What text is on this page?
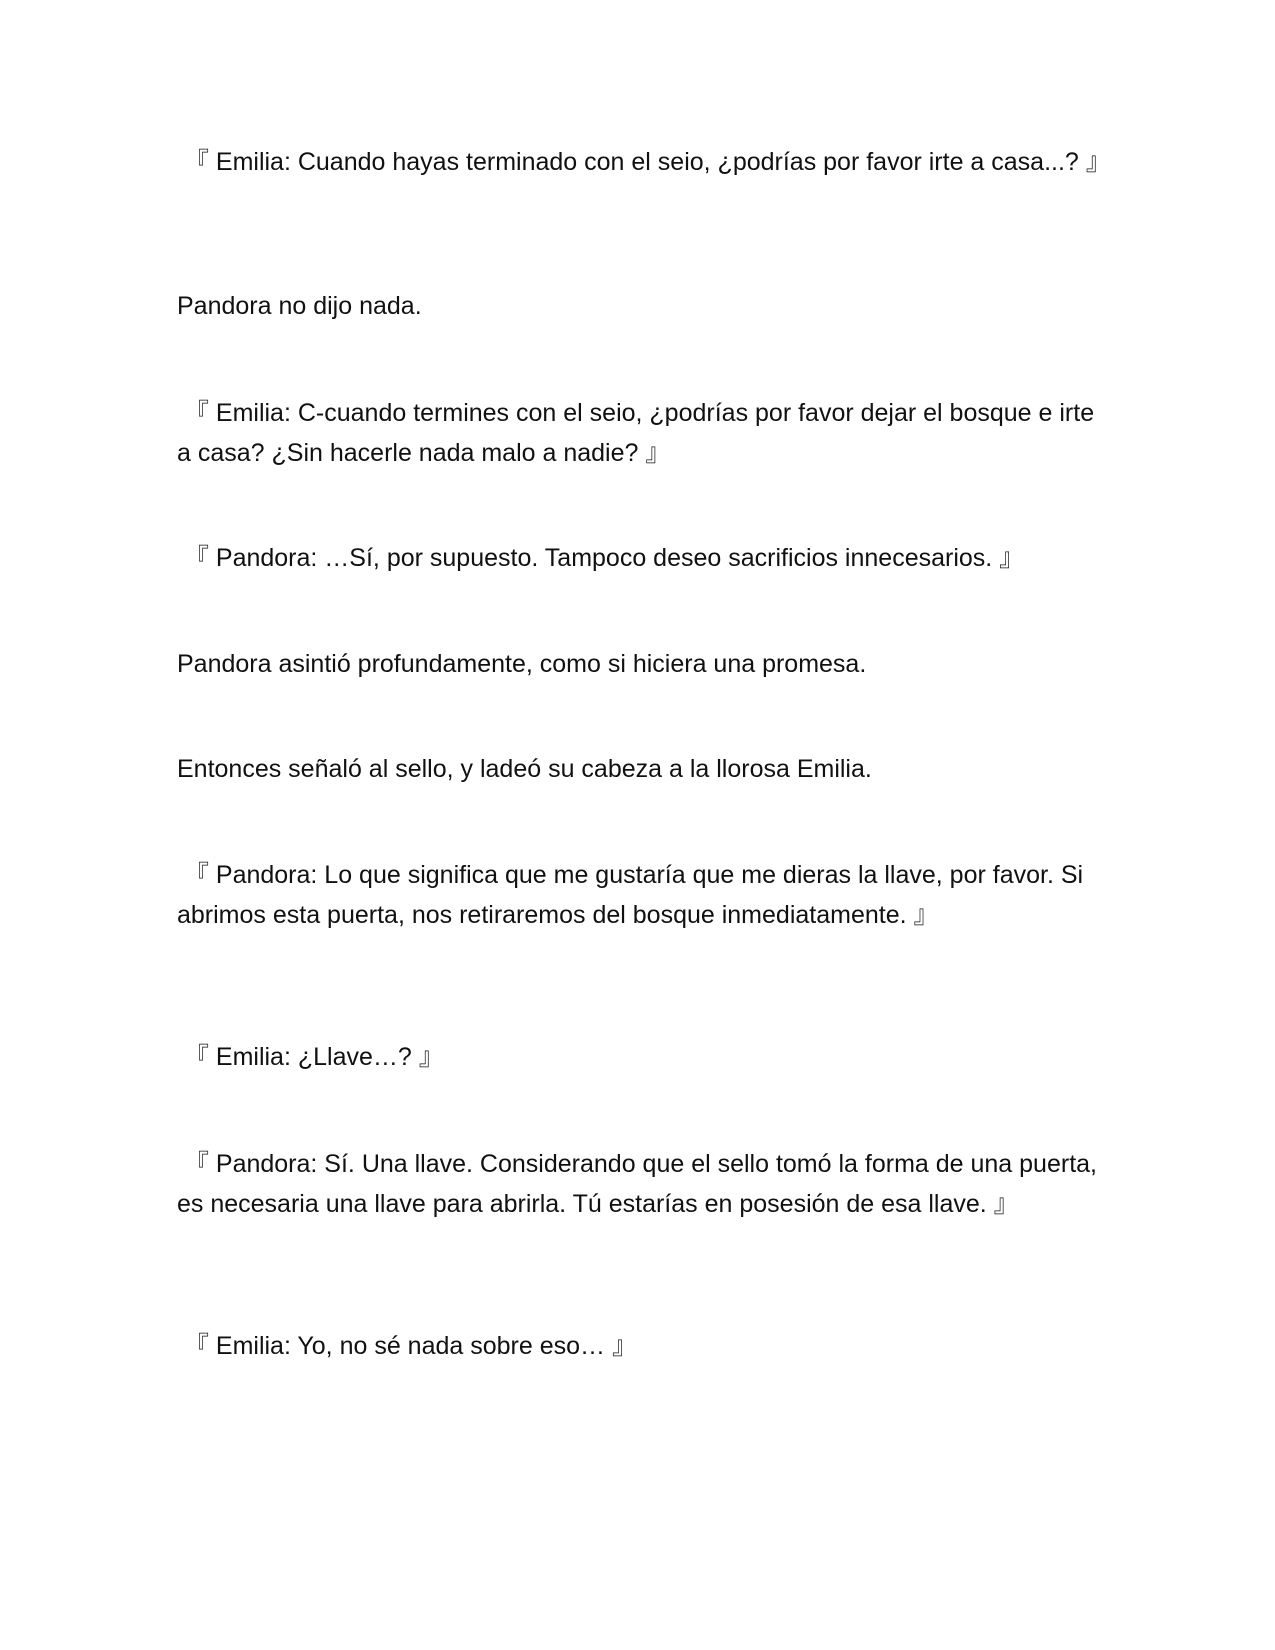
『 Emilia: Cuando hayas terminado con el seio, ¿podrías por favor irte a casa...? 』

Pandora no dijo nada.

『 Emilia: C-cuando termines con el seio, ¿podrías por favor dejar el bosque e irte a casa? ¿Sin hacerle nada malo a nadie? 』

『 Pandora: …Sí, por supuesto. Tampoco deseo sacrificios innecesarios. 』

Pandora asintió profundamente, como si hiciera una promesa.

Entonces señaló al sello, y ladeó su cabeza a la llorosa Emilia.

『 Pandora: Lo que significa que me gustaría que me dieras la llave, por favor. Si abrimos esta puerta, nos retiraremos del bosque inmediatamente. 』

『 Emilia: ¿Llave…? 』

『 Pandora: Sí. Una llave. Considerando que el sello tomó la forma de una puerta, es necesaria una llave para abrirla. Tú estarías en posesión de esa llave. 』

『 Emilia: Yo, no sé nada sobre eso… 』
